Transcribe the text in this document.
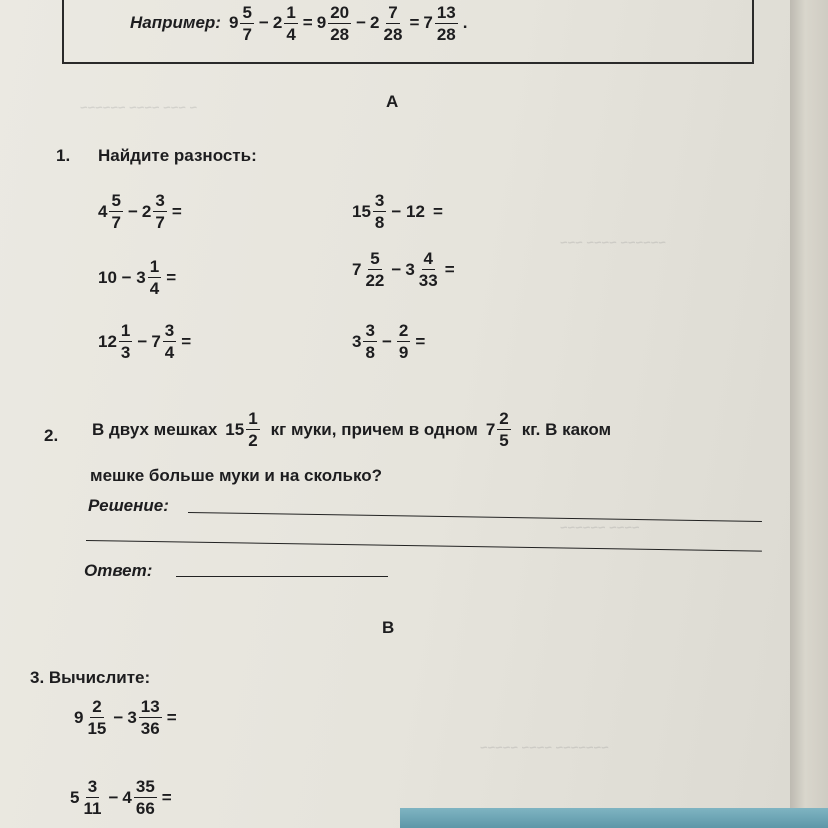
~ ~~~ ~~~~ ~~~~~~
~~~~~~ ~~~~ ~~~
~~~~ ~~~~~~
~~~~~~~ ~~~~ ~~~~~
Например: $9 \frac{5}{7} - 2 \frac{1}{4} = 9 \frac{20}{28} - 2 \frac{7}{28} = 7 \frac{13}{28}$ .
А
1. Найдите разность:
$4 \frac{5}{7} - 2 \frac{3}{7}$ =	$15 \frac{3}{8} - 12$ =
$10 - 3 \frac{1}{4}$ =	$7 \frac{5}{22} - 3 \frac{4}{33}$ =
$12 \frac{1}{3} - 7 \frac{3}{4}$ =	$3 \frac{3}{8} - \frac{2}{9}$ =
2. В двух мешках $15 \frac{1}{2}$ кг муки, причем в одном $7 \frac{2}{5}$ кг. В каком
мешке больше муки и на сколько?
Решение:
Ответ:
В
3. Вычислите:
$9 \frac{2}{15} - 3 \frac{13}{36}$ =
$5 \frac{3}{11} - 4 \frac{35}{66}$ =
